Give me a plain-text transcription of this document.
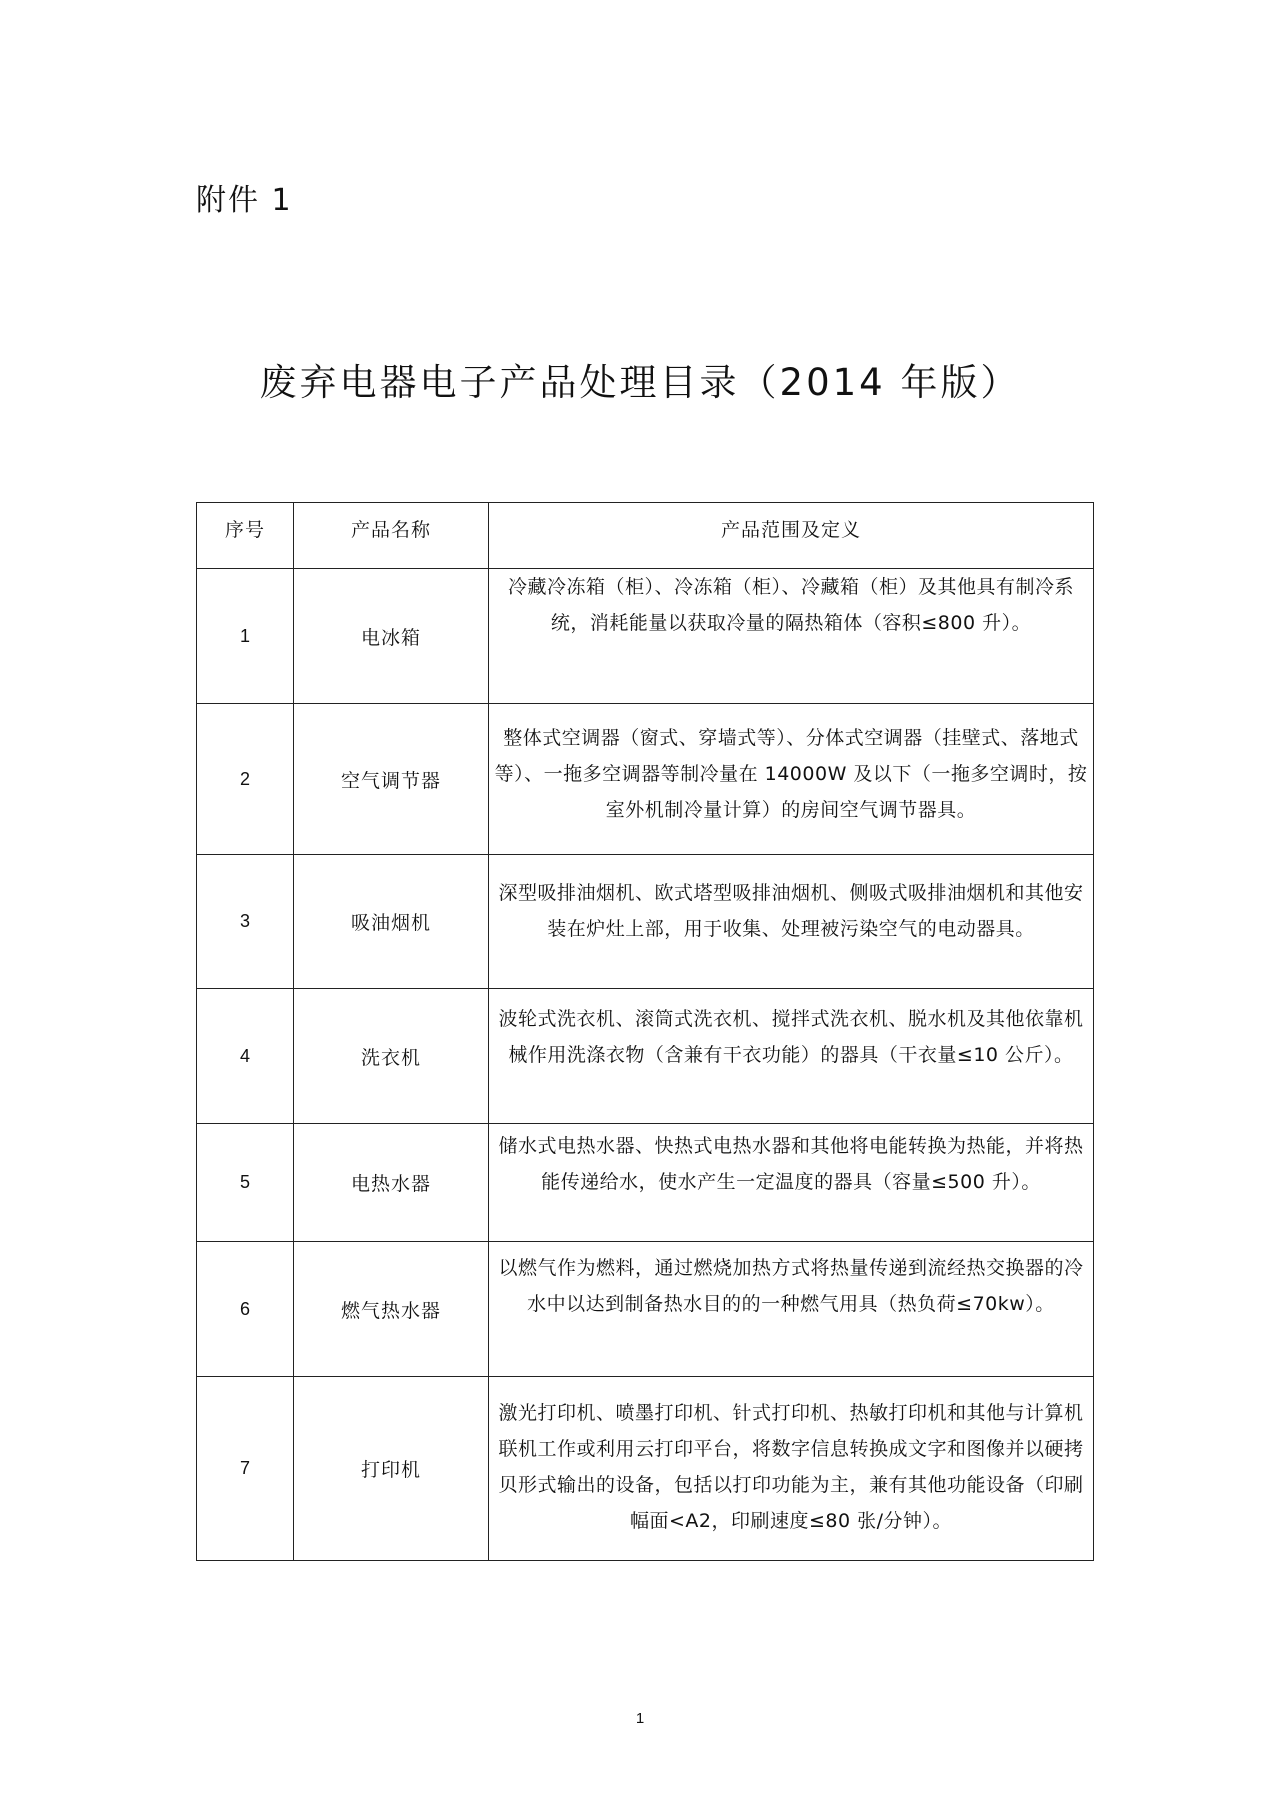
附件 1
废弃电器电子产品处理目录（2014 年版）
序号	产品名称	产品范围及定义
1	电冰箱	冷藏冷冻箱（柜）、冷冻箱（柜）、冷藏箱（柜）及其他具有制冷系统，消耗能量以获取冷量的隔热箱体（容积≤800 升）。
2	空气调节器	整体式空调器（窗式、穿墙式等）、分体式空调器（挂壁式、落地式等）、一拖多空调器等制冷量在 14000W 及以下（一拖多空调时，按室外机制冷量计算）的房间空气调节器具。
3	吸油烟机	深型吸排油烟机、欧式塔型吸排油烟机、侧吸式吸排油烟机和其他安装在炉灶上部，用于收集、处理被污染空气的电动器具。
4	洗衣机	波轮式洗衣机、滚筒式洗衣机、搅拌式洗衣机、脱水机及其他依靠机械作用洗涤衣物（含兼有干衣功能）的器具（干衣量≤10 公斤）。
5	电热水器	储水式电热水器、快热式电热水器和其他将电能转换为热能，并将热能传递给水，使水产生一定温度的器具（容量≤500 升）。
6	燃气热水器	以燃气作为燃料，通过燃烧加热方式将热量传递到流经热交换器的冷水中以达到制备热水目的的一种燃气用具（热负荷≤70kw）。
7	打印机	激光打印机、喷墨打印机、针式打印机、热敏打印机和其他与计算机联机工作或利用云打印平台，将数字信息转换成文字和图像并以硬拷贝形式输出的设备，包括以打印功能为主，兼有其他功能设备（印刷幅面<A2，印刷速度≤80 张/分钟）。
1
